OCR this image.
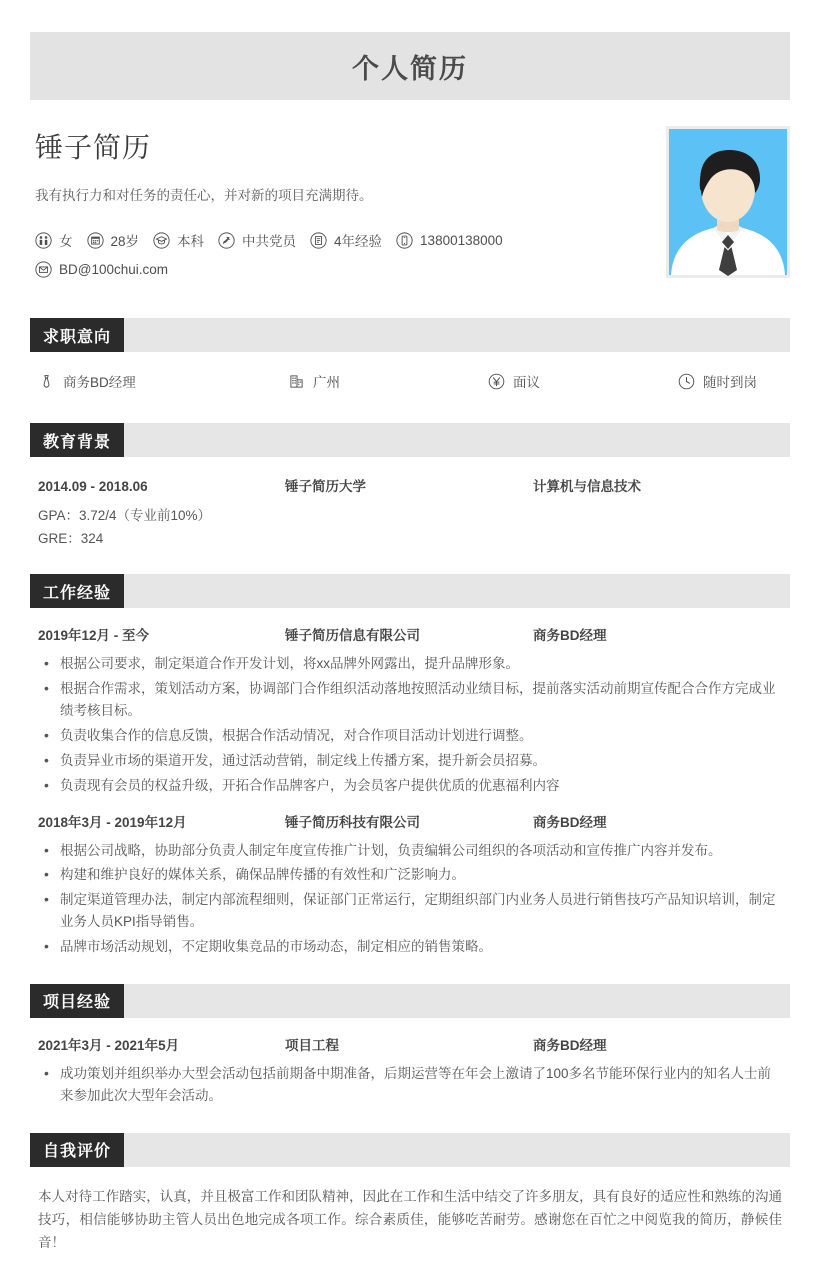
个人简历
锤子简历
我有执行力和对任务的责任心，并对新的项目充满期待。
女	28岁	本科	中共党员	4年经验	13800138000
BD@100chui.com
求职意向
商务BD经理	广州	面议	随时到岗
教育背景
2014.09 - 2018.06	锤子简历大学	计算机与信息技术
GPA：3.72/4（专业前10%）
GRE：324
工作经验
2019年12月 - 至今	锤子简历信息有限公司	商务BD经理
• 根据公司要求，制定渠道合作开发计划，将xx品牌外网露出，提升品牌形象。
• 根据合作需求，策划活动方案，协调部门合作组织活动落地按照活动业绩目标，提前落实活动前期宣传配合合作方完成业绩考核目标。
• 负责收集合作的信息反馈，根据合作活动情况，对合作项目活动计划进行调整。
• 负责异业市场的渠道开发，通过活动营销，制定线上传播方案，提升新会员招募。
• 负责现有会员的权益升级，开拓合作品牌客户，为会员客户提供优质的优惠福利内容
2018年3月 - 2019年12月	锤子简历科技有限公司	商务BD经理
• 根据公司战略，协助部分负责人制定年度宣传推广计划，负责编辑公司组织的各项活动和宣传推广内容并发布。
• 构建和维护良好的媒体关系，确保品牌传播的有效性和广泛影响力。
• 制定渠道管理办法，制定内部流程细则，保证部门正常运行，定期组织部门内业务人员进行销售技巧产品知识培训，制定业务人员KPI指导销售。
• 品牌市场活动规划，不定期收集竞品的市场动态，制定相应的销售策略。
项目经验
2021年3月 - 2021年5月	项目工程	商务BD经理
• 成功策划并组织举办大型会活动包括前期备中期准备，后期运营等在年会上激请了100多名节能环保行业内的知名人士前来参加此次大型年会活动。
自我评价
本人对待工作踏实，认真，并且极富工作和团队精神，因此在工作和生活中结交了许多朋友，具有良好的适应性和熟练的沟通技巧，相信能够协助主管人员出色地完成各项工作。综合素质佳，能够吃苦耐劳。感谢您在百忙之中阅览我的简历，静候佳音！
